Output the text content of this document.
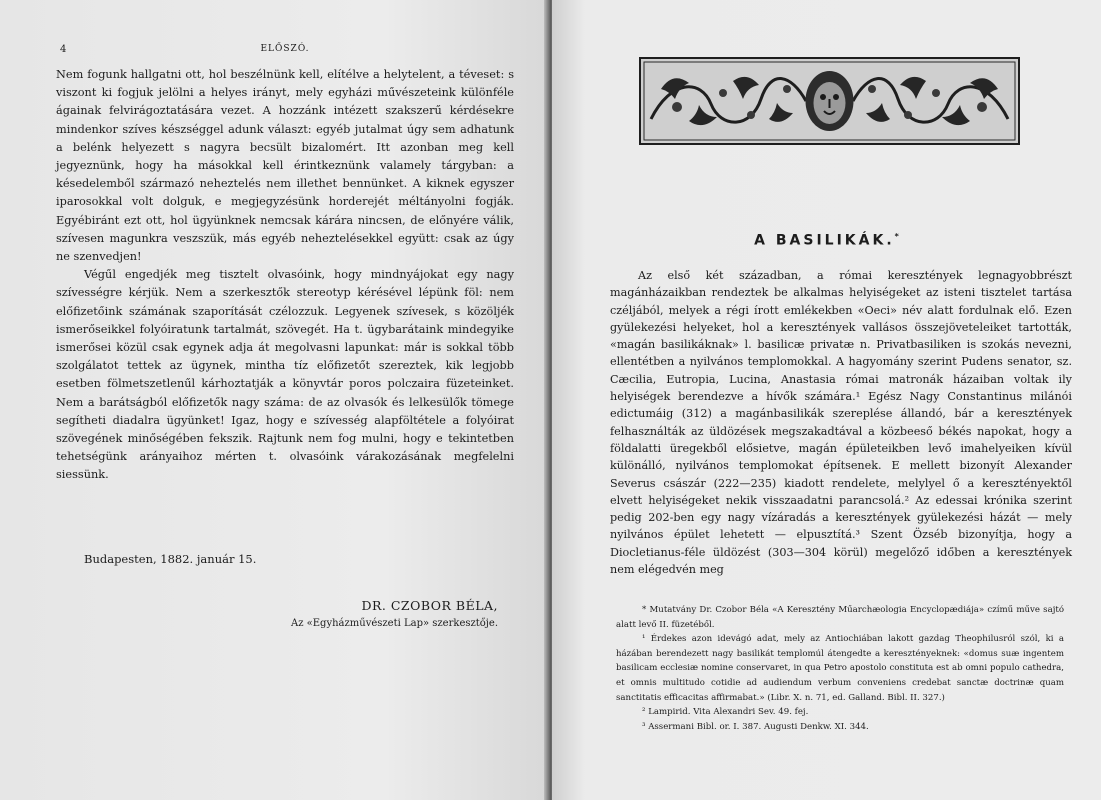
4	ELŐSZÓ.

Nem fogunk hallgatni ott, hol beszélnünk kell, elítélve a helytelent, a téveset: s viszont ki fogjuk jelölni a helyes irányt, mely egyházi művészeteink különféle ágainak felvirágoztatására vezet. A hozzánk intézett szakszerű kérdésekre mindenkor szíves készséggel adunk választ: egyéb jutalmat úgy sem adhatunk a belénk helyezett s nagyra becsült bizalomért. Itt azonban meg kell jegyeznünk, hogy ha másokkal kell érintkeznünk valamely tárgyban: a késedelemből származó neheztelés nem illethet bennünket. A kiknek egyszer iparosokkal volt dolguk, e megjegyzésünk horderejét méltányolni fogják. Egyébiránt ezt ott, hol ügyünknek nemcsak kárára nincsen, de előnyére válik, szívesen magunkra veszszük, más egyéb neheztelésekkel együtt: csak az úgy ne szenvedjen!

Végűl engedjék meg tisztelt olvasóink, hogy mindnyájokat egy nagy szívességre kérjük. Nem a szerkesztők stereotyp kérésével lépünk föl: nem előfizetőink számának szaporítását czélozzuk. Legyenek szívesek, s közöljék ismerőseikkel folyóiratunk tartalmát, szövegét. Ha t. ügybarátaink mindegyike ismerősei közül csak egynek adja át megolvasni lapunkat: már is sokkal több szolgálatot tettek az ügynek, mintha tíz előfizetőt szereztek, kik legjobb esetben fölmetszetlenűl kárhoztatják a könyvtár poros polczaira füzeteinket. Nem a barátságból előfizetők nagy száma: de az olvasók és lelkesülők tömege segítheti diadalra ügyünket! Igaz, hogy e szívesség alapföltétele a folyóirat szövegének minőségében fekszik. Rajtunk nem fog mulni, hogy e tekintetben tehetségünk arányaihoz mérten t. olvasóink várakozásának megfelelni siessünk.

Budapesten, 1882. január 15.
DR. CZOBOR BÉLA,
Az «Egyházművészeti Lap» szerkesztője.
A BASILIKÁK.*

Az első két században, a római keresztények legnagyobbrészt magánházaikban rendeztek be alkalmas helyiségeket az isteni tisztelet tartása czéljából, melyek a régi írott emlékekben «Oeci» név alatt fordulnak elő. Ezen gyülekezési helyeket, hol a keresztények vallásos összejöveteleiket tartották, «magán basilikáknak» l. basilicæ privatæ n. Privatbasiliken is szokás nevezni, ellentétben a nyilvános templomokkal. A hagyomány szerint Pudens senator, sz. Cæcilia, Eutropia, Lucina, Anastasia római matronák házaiban voltak ily helyiségek berendezve a hívők számára.¹ Egész Nagy Constantinus milánói edictumáig (312) a magánbasilikák szereplése állandó, bár a keresztények felhasználták az üldözések megszakadtával a közbeeső békés napokat, hogy a földalatti üregekből elősietve, magán épületeikben levő imahelyeiken kívül különálló, nyilvános templomokat építsenek. E mellett bizonyít Alexander Severus császár (222—235) kiadott rendelete, melylyel ő a keresztényektől elvett helyiségeket nekik visszaadatni parancsolá.² Az edessai krónika szerint pedig 202-ben egy nagy vízáradás a keresztények gyülekezési házát — mely nyilvános épület lehetett — elpusztítá.³ Szent Özséb bizonyítja, hogy a Diocletianus-féle üldözést (303—304 körül) megelőző időben a keresztények nem elégedvén meg

* Mutatvány Dr. Czobor Béla «A Keresztény Műarchæologia Encyclopædiája» czímű műve sajtó alatt levő II. füzetéből.

¹ Érdekes azon idevágó adat, mely az Antiochiában lakott gazdag Theophilusról szól, ki a házában berendezett nagy basilikát templomúl átengedte a keresztényeknek: «domus suæ ingentem basilicam ecclesiæ nomine conservaret, in qua Petro apostolo constituta est ab omni populo cathedra, et omnis multitudo cotidie ad audiendum verbum conveniens credebat sanctæ doctrinæ quam sanctitatis efficacitas affirmabat.» (Libr. X. n. 71, ed. Galland. Bibl. II. 327.)

² Lampirid. Vita Alexandri Sev. 49. fej.

³ Assermani Bibl. or. I. 387. Augusti Denkw. XI. 344.
